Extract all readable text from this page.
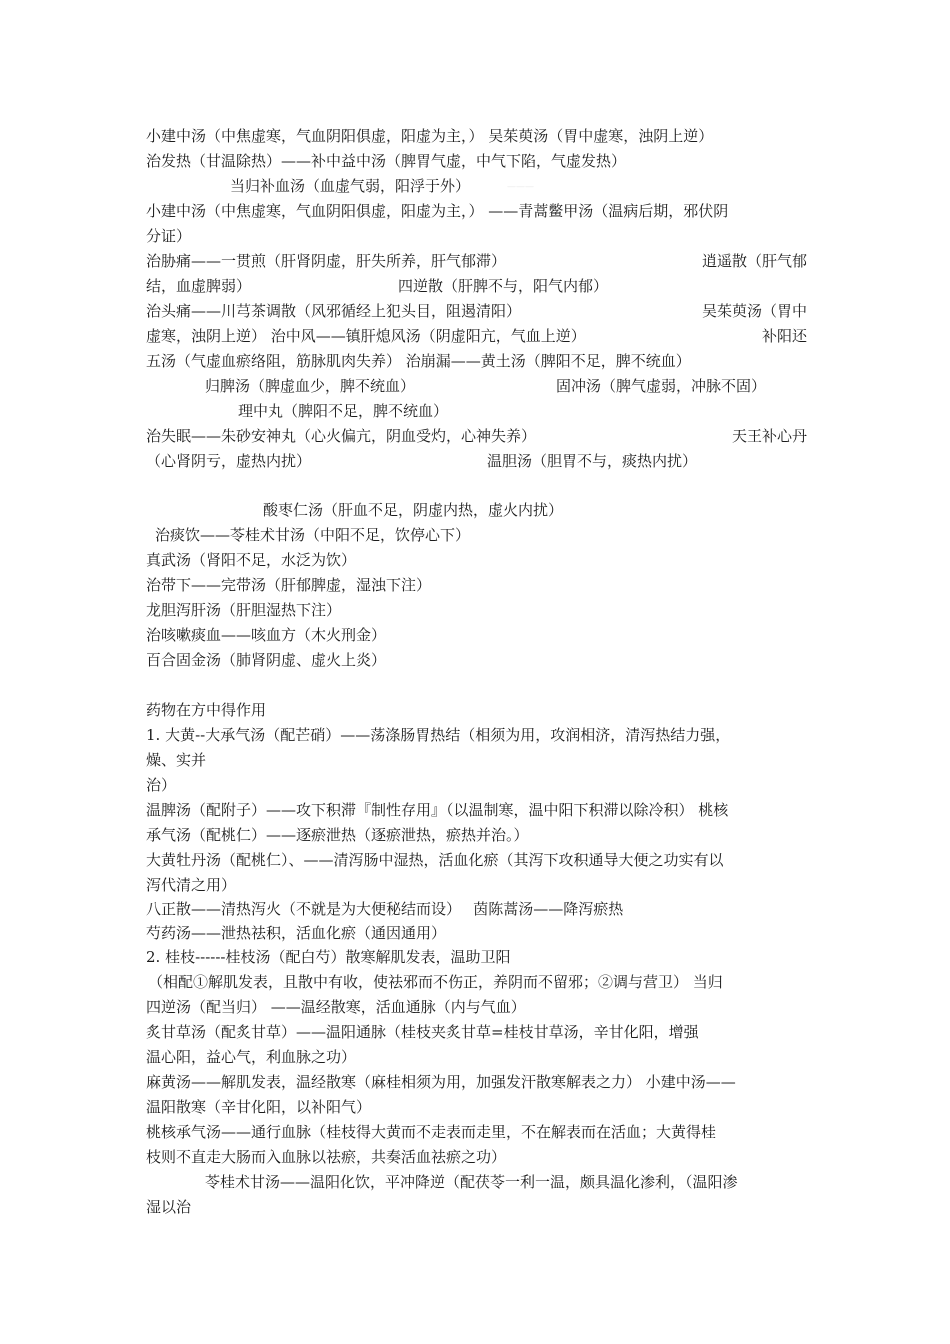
小建中汤（中焦虚寒，气血阴阳俱虚，阳虚为主，） 吴茱萸汤（胃中虚寒，浊阴上逆）
治发热（甘温除热）——补中益中汤（脾胃气虚，中气下陷，气虚发热）
当归补血汤（血虚气弱，阳浮于外）	———
小建中汤（中焦虚寒，气血阴阳俱虚，阳虚为主，） ——青蒿鳖甲汤（温病后期，邪伏阴
分证）
治胁痛——一贯煎（肝肾阴虚，肝失所养，肝气郁滞）	逍遥散（肝气郁
结，血虚脾弱）	四逆散（肝脾不与，阳气内郁）
治头痛——川芎茶调散（风邪循经上犯头目，阻遏清阳）	吴茱萸汤（胃中
虚寒，浊阴上逆） 治中风——镇肝熄风汤（阴虚阳亢，气血上逆）	补阳还
五汤（气虚血瘀络阻，筋脉肌肉失养） 治崩漏——黄土汤（脾阳不足，脾不统血）
归脾汤（脾虚血少，脾不统血）	固冲汤（脾气虚弱，冲脉不固）
理中丸（脾阳不足，脾不统血）
治失眠——朱砂安神丸（心火偏亢，阴血受灼，心神失养）	天王补心丹
（心肾阴亏，虚热内扰）	温胆汤（胆胃不与，痰热内扰）
酸枣仁汤（肝血不足，阴虚内热，虚火内扰）
治痰饮——苓桂术甘汤（中阳不足，饮停心下）
真武汤（肾阳不足，水泛为饮）
治带下——完带汤（肝郁脾虚，湿浊下注）
龙胆泻肝汤（肝胆湿热下注）
治咳嗽痰血——咳血方（木火刑金）
百合固金汤（肺肾阴虚、虚火上炎）
药物在方中得作用
1. 大黄--大承气汤（配芒硝）——荡涤肠胃热结（相须为用，攻润相济，清泻热结力强，
燥、实并
治）
温脾汤（配附子）——攻下积滞『制性存用』（以温制寒，温中阳下积滞以除冷积） 桃核
承气汤（配桃仁）——逐瘀泄热（逐瘀泄热，瘀热并治。）
大黄牡丹汤（配桃仁）、——清泻肠中湿热，活血化瘀（其泻下攻积通导大便之功实有以
泻代清之用）
八正散——清热泻火（不就是为大便秘结而设）　 茵陈蒿汤——降泻瘀热
芍药汤——泄热祛积，活血化瘀（通因通用）
2. 桂枝------桂枝汤（配白芍）散寒解肌发表，温助卫阳
（相配①解肌发表，且散中有收，使祛邪而不伤正，养阴而不留邪；②调与营卫） 当归
四逆汤（配当归） ——温经散寒，活血通脉（内与气血）
炙甘草汤（配炙甘草）——温阳通脉（桂枝夹炙甘草=桂枝甘草汤，辛甘化阳，增强
温心阳，益心气，利血脉之功）
麻黄汤——解肌发表，温经散寒（麻桂相须为用，加强发汗散寒解表之力） 小建中汤——
温阳散寒（辛甘化阳，以补阳气）
桃核承气汤——通行血脉（桂枝得大黄而不走表而走里，不在解表而在活血；大黄得桂
枝则不直走大肠而入血脉以祛瘀，共奏活血祛瘀之功）
苓桂术甘汤——温阳化饮，平冲降逆（配茯苓一利一温，颇具温化渗利，（温阳渗
湿以治
